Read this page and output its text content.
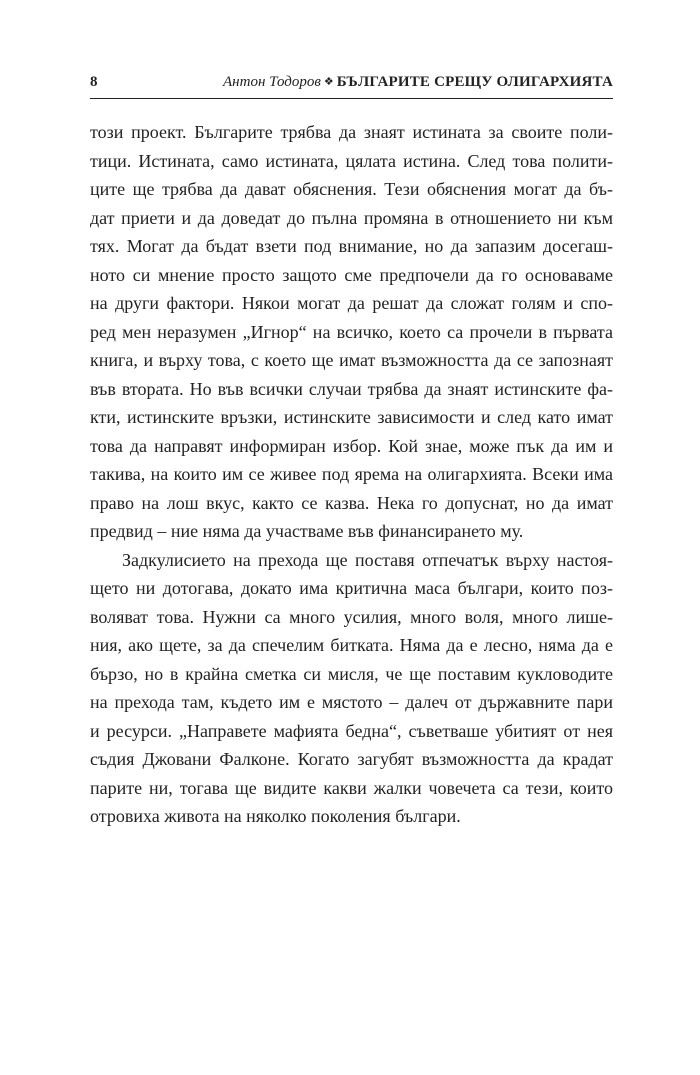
8	Антон Тодоров ❖ БЪЛГАРИТЕ СРЕЩУ ОЛИГАРХИЯТА
този проект. Българите трябва да знаят истината за своите поли-
тици. Истината, само истината, цялата истина. След това полити-
ците ще трябва да дават обяснения. Тези обяснения могат да бъ-
дат приети и да доведат до пълна промяна в отношението ни към
тях. Могат да бъдат взети под внимание, но да запазим досегаш-
ното си мнение просто защото сме предпочели да го основаваме
на други фактори. Някои могат да решат да сложат голям и спо-
ред мен неразумен „Игнор“ на всичко, което са прочели в първата
книга, и върху това, с което ще имат възможността да се запознаят
във втората. Но във всички случаи трябва да знаят истинските фа-
кти, истинските връзки, истинските зависимости и след като имат
това да направят информиран избор. Кой знае, може пък да им и
такива, на които им се живее под ярема на олигархията. Всеки има
право на лош вкус, както се казва. Нека го допуснат, но да имат
предвид – ние няма да участваме във финансирането му.
Задкулисието на прехода ще поставя отпечатък върху настоя-
щето ни дотогава, докато има критична маса българи, които поз-
воляват това. Нужни са много усилия, много воля, много лише-
ния, ако щете, за да спечелим битката. Няма да е лесно, няма да е
бързо, но в крайна сметка си мисля, че ще поставим кукловодите
на прехода там, където им е мястото – далеч от държавните пари
и ресурси. „Направете мафията бедна“, съветваше убитият от нея
съдия Джовани Фалконе. Когато загубят възможността да крадат
парите ни, тогава ще видите какви жалки човечета са тези, които
отровиха живота на няколко поколения българи.
